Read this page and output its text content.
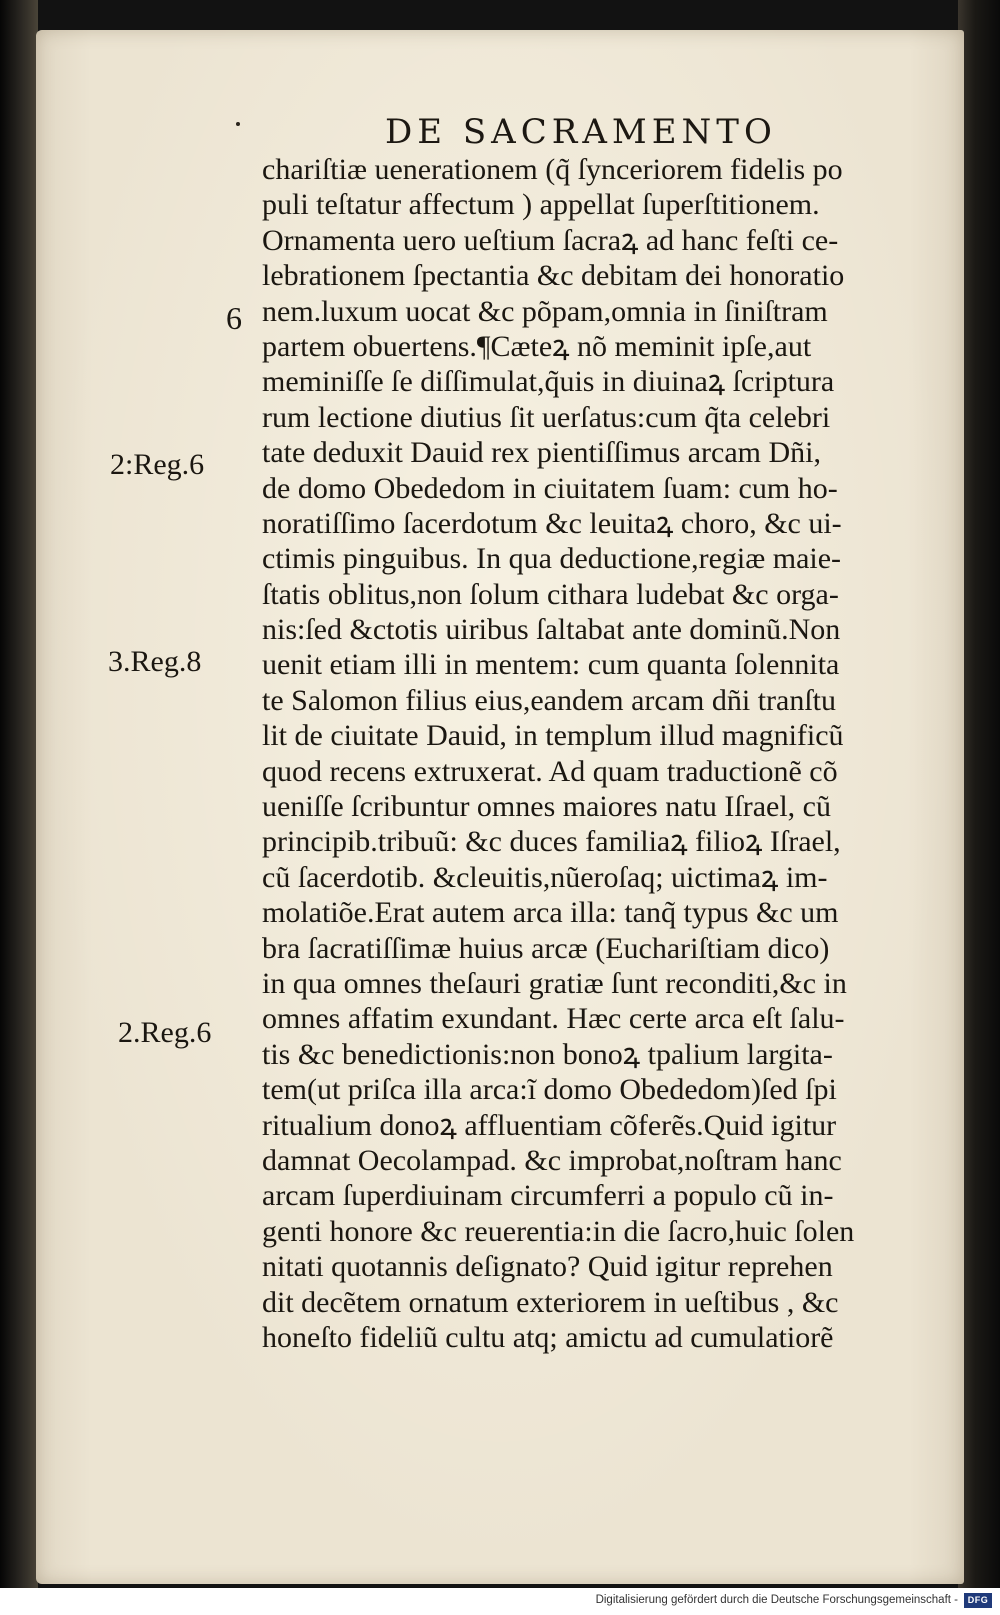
DE SACRAMENTO
chariſtiæ uenerationem (q̃ ſynceriorem fidelis po
puli teſtatur affectum ) appellat ſuperſtitionem.
Ornamenta uero ueſtium ſacraꝝ ad hanc feſti ce-
lebrationem ſpectantia &c debitam dei honoratio
nem.luxum uocat &c põpam,omnia in ſiniſtram
partem obuertens.¶Cæteꝝ nõ meminit ipſe,aut
meminiſſe ſe diſſimulat,q̃uis in diuinaꝝ ſcriptura
rum lectione diutius ſit uerſatus:cum q̃ta celebri
tate deduxit Dauid rex pientiſſimus arcam Dñi,
de domo Obededom in ciuitatem ſuam: cum ho-
noratiſſimo ſacerdotum &c leuitaꝝ choro, &c ui-
ctimis pinguibus. In qua deductione,regiæ maie-
ſtatis oblitus,non ſolum cithara ludebat &c orga-
nis:ſed &ctotis uiribus ſaltabat ante dominũ.Non
uenit etiam illi in mentem: cum quanta ſolennita
te Salomon filius eius,eandem arcam dñi tranſtu
lit de ciuitate Dauid, in templum illud magnificũ
quod recens extruxerat. Ad quam traductionẽ cõ
ueniſſe ſcribuntur omnes maiores natu Iſrael, cũ
principib.tribuũ: &c duces familiaꝝ filioꝝ Iſrael,
cũ ſacerdotib. &cleuitis,nũeroſaq; uictimaꝝ im-
molatiõe.Erat autem arca illa: tanq̃ typus &c um
bra ſacratiſſimæ huius arcæ (Euchariſtiam dico)
in qua omnes theſauri gratiæ ſunt reconditi,&c in
omnes affatim exundant. Hæc certe arca eſt ſalu-
tis &c benedictionis:non bonoꝝ tpalium largita-
tem(ut priſca illa arca:ĩ domo Obededom)ſed ſpi
ritualium donoꝝ affluentiam cõferẽs.Quid igitur
damnat Oecolampad. &c improbat,noſtram hanc
arcam ſuperdiuinam circumferri a populo cũ in-
genti honore &c reuerentia:in die ſacro,huic ſolen
nitati quotannis deſignato? Quid igitur reprehen
dit decẽtem ornatum exteriorem in ueſtibus , &c
honeſto fideliũ cultu atq; amictu ad cumulatiorẽ
6
2:Reg.6
3.Reg.8
2.Reg.6
Digitalisierung gefördert durch die Deutsche Forschungsgemeinschaft -	DFG
